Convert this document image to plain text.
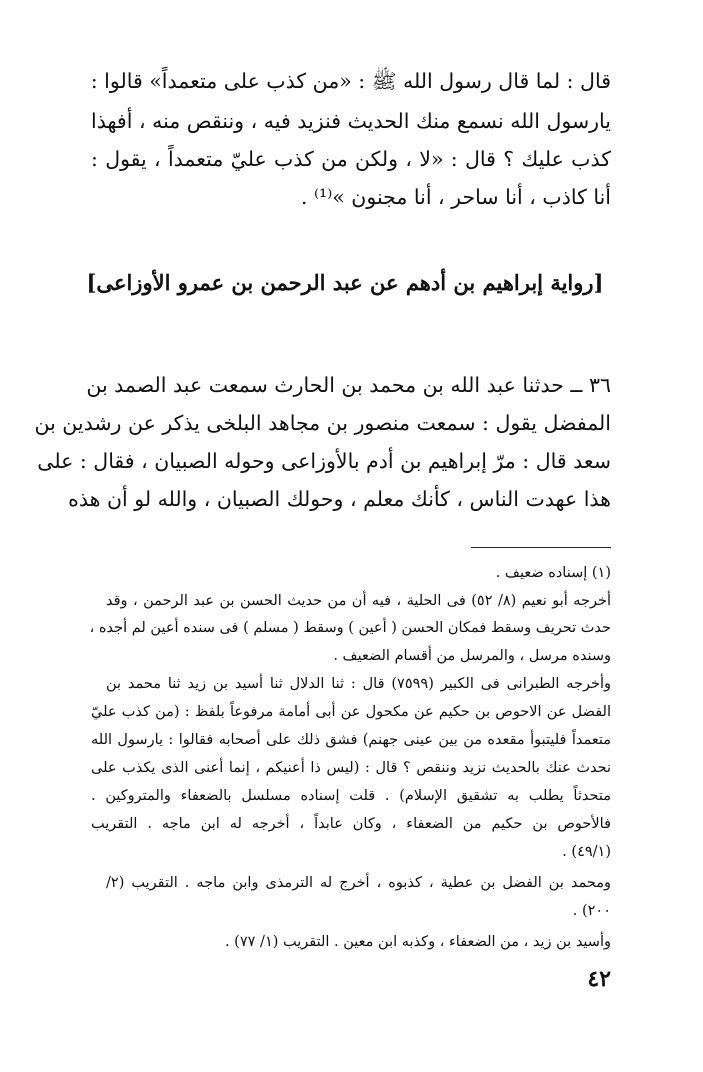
قال : لما قال رسول الله ﷺ : «من كذب على متعمداً» قالوا :
يارسول الله نسمع منك الحديث فنزيد فيه ، وننقص منه ، أفهذا
كذب عليك ؟ قال : «لا ، ولكن من كذب عليّ متعمداً ، يقول :
أنا كاذب ، أنا ساحر ، أنا مجنون »⁽¹⁾ .
[رواية إبراهيم بن أدهم عن عبد الرحمن بن عمرو الأوزاعى]
٣٦ ــ حدثنا عبد الله بن محمد بن الحارث سمعت عبد الصمد بن
المفضل يقول : سمعت منصور بن مجاهد البلخى يذكر عن رشدين بن
سعد قال : مرّ إبراهيم بن أدم بالأوزاعى وحوله الصبيان ، فقال : على
هذا عهدت الناس ، كأنك معلم ، وحولك الصبيان ، والله لو أن هذه
(١) إسناده ضعيف .
أخرجه أبو نعيم (٨/ ٥٢) فى الحلية ، فيه أن من حديث الحسن بن عبد الرحمن ، وقد
حدث تحريف وسقط فمكان الحسن ( أعين ) وسقط ( مسلم ) فى سنده أعين لم أجده ،
وسنده مرسل ، والمرسل من أقسام الضعيف .
وأخرجه الطبرانى فى الكبير (٧٥٩٩) قال : ثنا الدلال ثنا أسيد بن زيد ثنا محمد بن
الفضل عن الاحوص بن حكيم عن مكحول عن أبى أمامة مرفوعاً بلفظ : (من كذب عليّ
متعمداً فليتبوأ مقعده من بين عينى جهنم) فشق ذلك على أصحابه فقالوا : يارسول الله
نحدث عنك بالحديث نزيد وننقص ؟ قال : (ليس ذا أعنيكم ، إنما أعنى الذى يكذب على
متحدثاً يطلب به تشقيق الإسلام) . قلت إسناده مسلسل بالضعفاء والمتروكين .
فالأحوص بن حكيم من الضعفاء ، وكان عابداً ، أخرجه له ابن ماجه . التقريب
(٤٩/١) .
ومحمد بن الفضل بن عطية ، كذبوه ، أخرج له الترمذى وابن ماجه . التقريب (٢/
٢٠٠) .
وأسيد بن زيد ، من الضعفاء ، وكذبه ابن معين . التقريب (١/ ٧٧) .
٤٢
